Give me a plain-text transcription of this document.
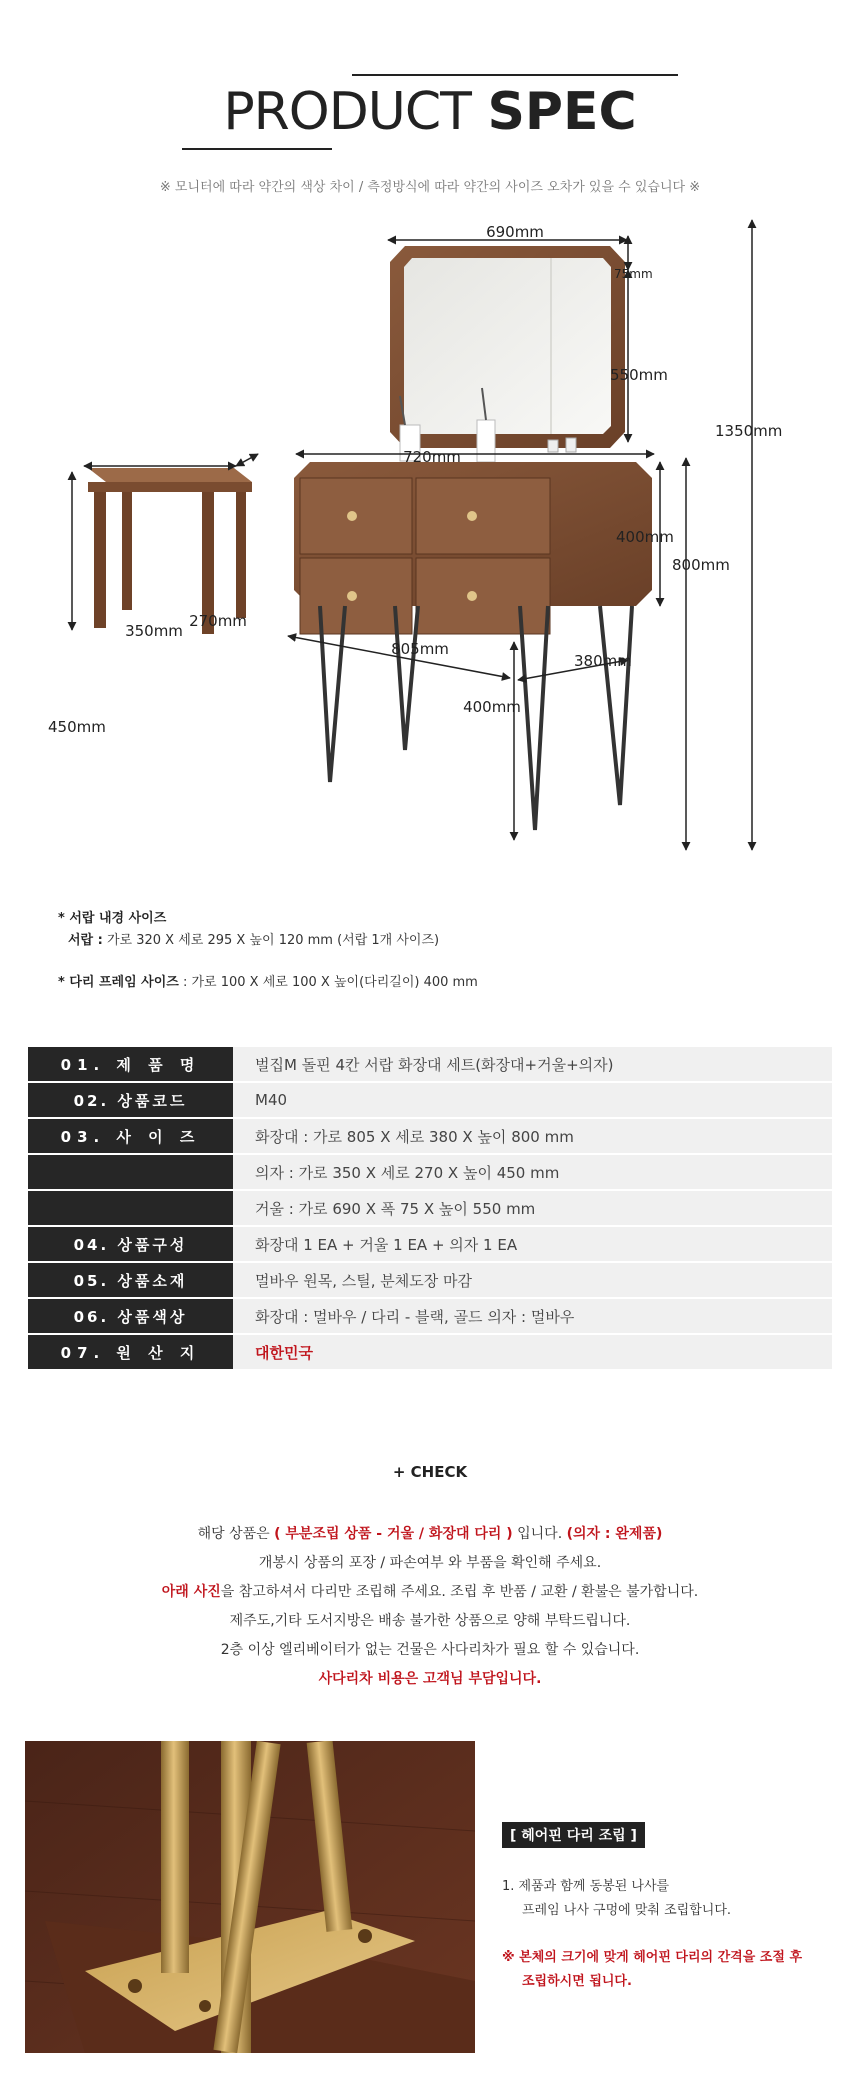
PRODUCT SPEC
※ 모니터에 따라 약간의 색상 차이 / 측정방식에 따라 약간의 사이즈 오차가 있을 수 있습니다 ※
690mm
75mm
550mm
1350mm
720mm
400mm
800mm
805mm
380mm
400mm
350mm
270mm
450mm
* 서랍 내경 사이즈
서랍 : 가로 320 X 세로 295 X 높이 120 mm (서랍 1개 사이즈)
* 다리 프레임 사이즈 : 가로 100 X 세로 100 X 높이(다리길이) 400 mm
01. 제 품 명	벌집M 돌핀 4칸 서랍 화장대 세트(화장대+거울+의자)
02. 상품코드	M40
03. 사 이 즈	화장대 : 가로 805 X 세로 380 X 높이 800 mm
	의자 : 가로 350 X 세로 270 X 높이 450 mm
	거울 : 가로 690 X 폭 75 X 높이 550 mm
04. 상품구성	화장대 1 EA + 거울 1 EA + 의자 1 EA
05. 상품소재	멀바우 원목, 스틸, 분체도장 마감
06. 상품색상	화장대 : 멀바우 / 다리 - 블랙, 골드 의자 : 멀바우
07. 원 산 지	대한민국
+ CHECK
해당 상품은 ( 부분조립 상품 - 거울 / 화장대 다리 ) 입니다. (의자 : 완제품)
개봉시 상품의 포장 / 파손여부 와 부품을 확인해 주세요.
아래 사진을 참고하셔서 다리만 조립해 주세요. 조립 후 반품 / 교환 / 환불은 불가합니다.
제주도,기타 도서지방은 배송 불가한 상품으로 양해 부탁드립니다.
2층 이상 엘리베이터가 없는 건물은 사다리차가 필요 할 수 있습니다.
사다리차 비용은 고객님 부담입니다.
[ 헤어핀 다리 조립 ]
1. 제품과 함께 동봉된 나사를
프레임 나사 구멍에 맞춰 조립합니다.
※ 본체의 크기에 맞게 헤어핀 다리의 간격을 조절 후
조립하시면 됩니다.
